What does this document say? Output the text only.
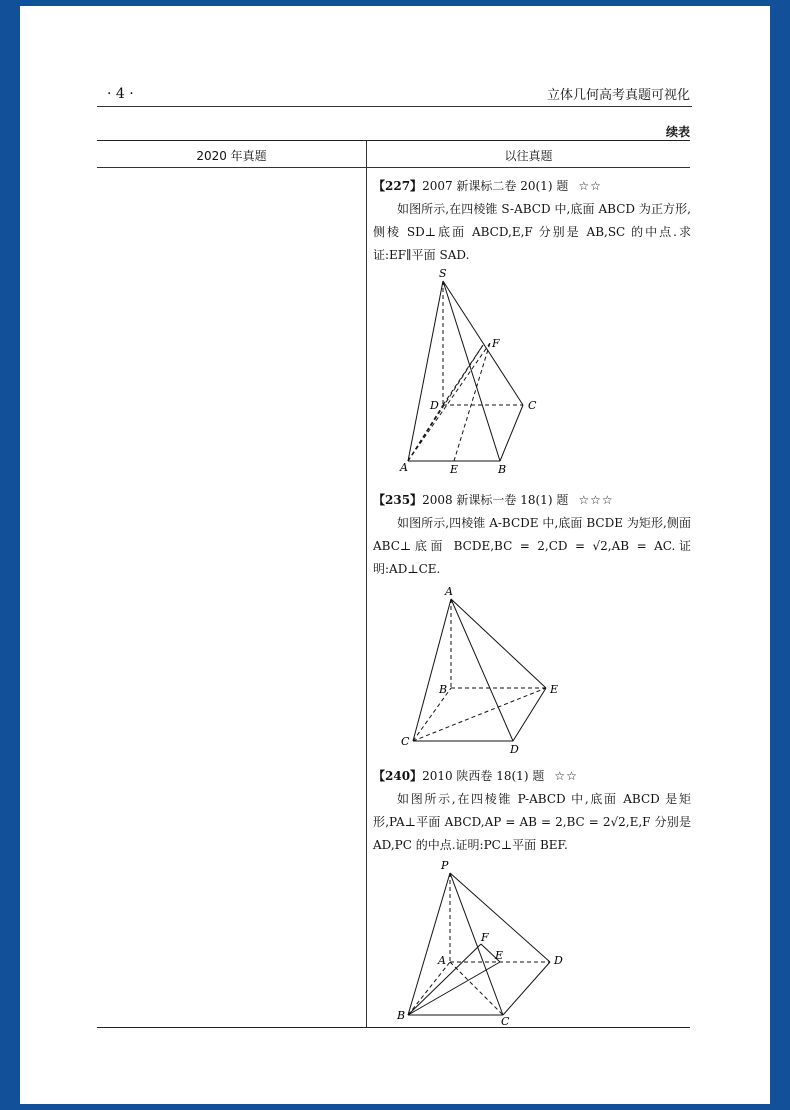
· 4 ·	立体几何高考真题可视化
续表
2020 年真题	以往真题
【227】2007 新课标二卷 20(1) 题 ☆☆

如图所示,在四棱锥 S-ABCD 中,底面 ABCD 为正方形,侧棱 SD⊥底面 ABCD,E,F 分别是 AB,SC 的中点.求证:EF∥平面 SAD.

S
F
D	C
A	E	B
【235】2008 新课标一卷 18(1) 题 ☆☆☆

如图所示,四棱锥 A-BCDE 中,底面 BCDE 为矩形,侧面 ABC⊥底面 BCDE,BC = 2,CD = √2,AB = AC.证明:AD⊥CE.

A
B	E
C
D
【240】2010 陕西卷 18(1) 题 ☆☆

如图所示,在四棱锥 P-ABCD 中,底面 ABCD 是矩形,PA⊥平面 ABCD,AP = AB = 2,BC = 2√2,E,F 分别是 AD,PC 的中点.证明:PC⊥平面 BEF.

P
F
A	E	D
B	C
